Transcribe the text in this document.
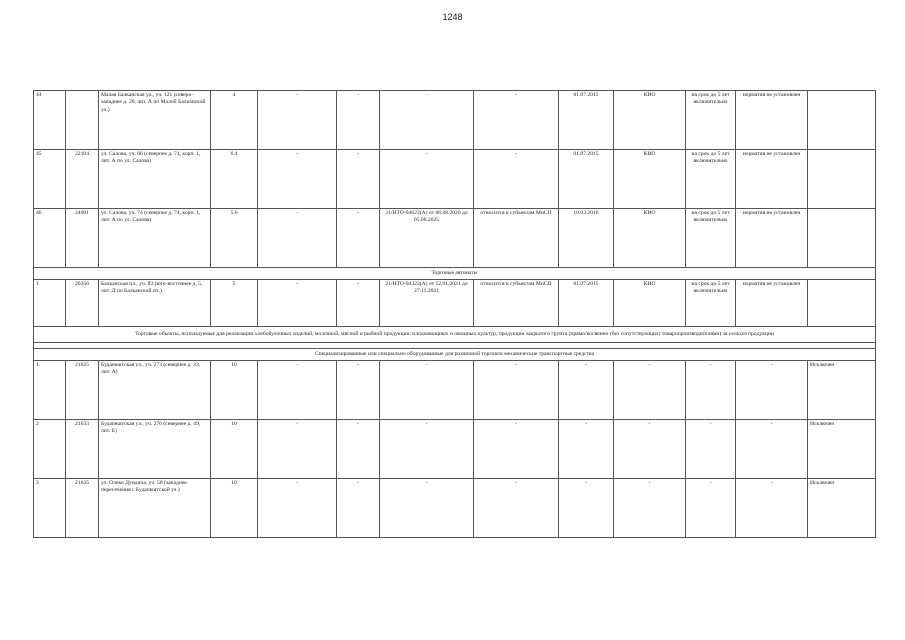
1248
44		Малая Балканская ул., уч. 121 (северо-западнее д. 20, лит. А по Малой Балканской ул.)	4	-	-	-	-	01.07.2015	КИО	на срок до 5 лет включительно	норматив не установлен	
45	22104	ул. Салова, уч. 66 (северпее д. 74, корп. 1, лит. А по ул. Салова)	6.4	-	-	-	-	01.07.2015	КИО	на срок до 5 лет включительно	норматив не установлен	
46	24001	ул. Салова, уч. 74 (северпее д. 74, корп. 1, лит. А по ул. Салова)	5.6	-	-	21/НТО-04623(А) от 06.08.2020 до 05.08.2025	относится к субъектам МиСП	10.03.2016	КИО	на срок до 5 лет включительно	норматив не установлен	
Торговые автоматы												
1	20356	Балканская пл., уч. 83 (юго-восточнее д. 5, лит. Д по Балканской пл.)	5	-	-	21/НТО-04323(А) от 12.01.2021 до 27.11.2021	относится к субъектам МиСП	01.07.2015	КИО	на срок до 5 лет включительно	норматив не установлен	
Торговые объекты, используемые для реализации хлебобулочных изделий, молочной, мясной и рыбной продукции, плодоовощных и овощных культур, продукции закрытого грунта (прямо/косвенно (без сопутствующих) товаропроизводителями) за сельхоз продукции												

Специализированные или специально оборудованные для розничной торговли механические транспортные средства												
1	21625	Будапештская ул., уч. 273 (севернее д. 33, лит. А)	10	-	-	-	-	-	-	-	-	Исключен
2	21633	Будапештская ул., уч. 276 (севернее д. 49, лит. Б)	10	-	-	-	-	-	-	-	-	Исключен
3	21635	ул. Олеко Дундича, уч. 58 (западнее пересечения с Будапештской ул.)	10	-	-	-	-	-	-	-	-	Исключен
